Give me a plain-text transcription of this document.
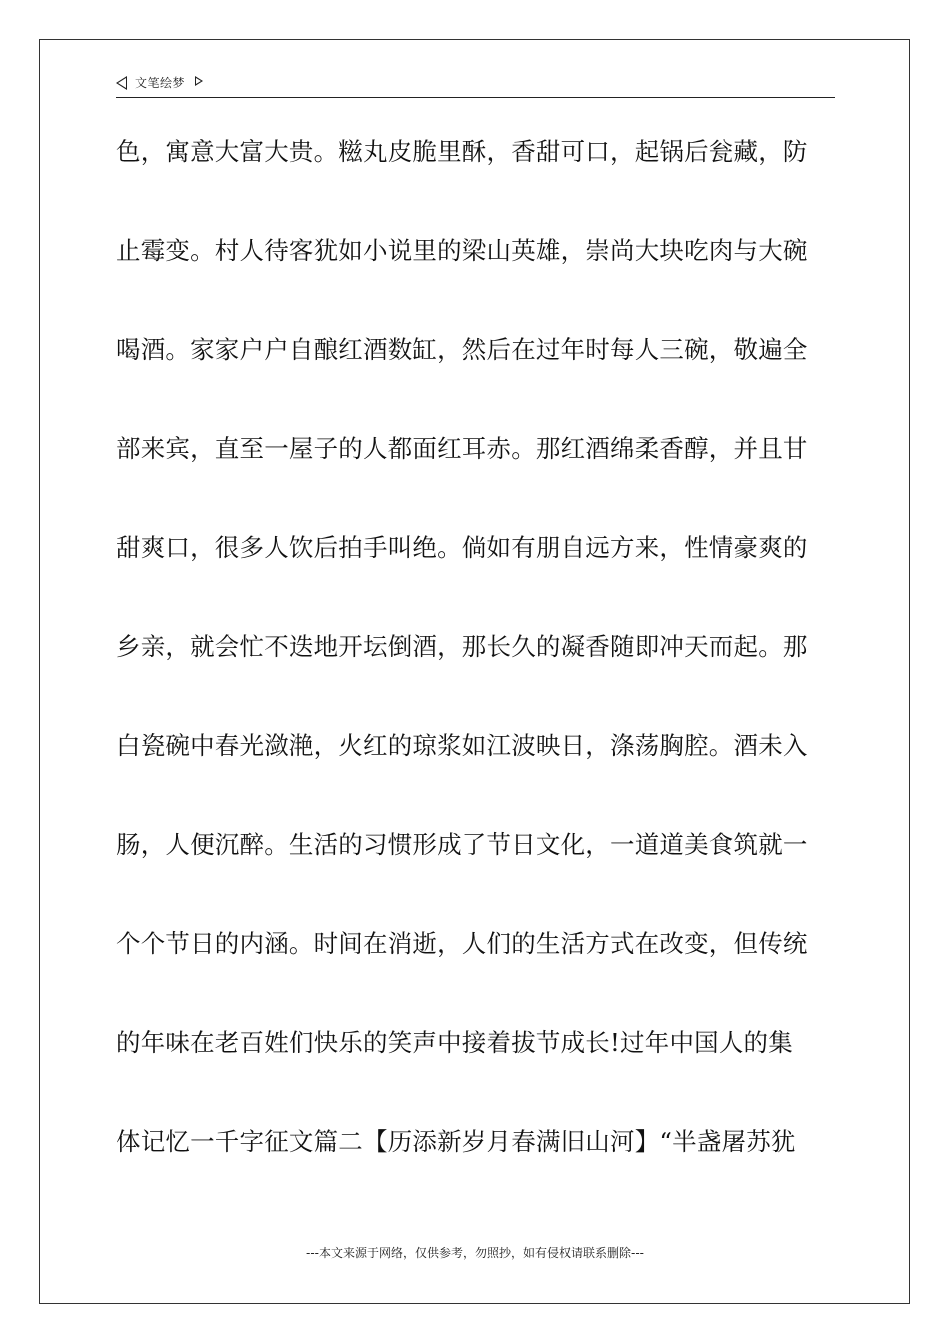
文笔绘梦
色，寓意大富大贵。糍丸皮脆里酥，香甜可口，起锅后瓮藏，防
止霉变。村人待客犹如小说里的梁山英雄，崇尚大块吃肉与大碗
喝酒。家家户户自酿红酒数缸，然后在过年时每人三碗，敬遍全
部来宾，直至一屋子的人都面红耳赤。那红酒绵柔香醇，并且甘
甜爽口，很多人饮后拍手叫绝。倘如有朋自远方来，性情豪爽的
乡亲，就会忙不迭地开坛倒酒，那长久的凝香随即冲天而起。那
白瓷碗中春光潋滟，火红的琼浆如江波映日，涤荡胸腔。酒未入
肠，人便沉醉。生活的习惯形成了节日文化，一道道美食筑就一
个个节日的内涵。时间在消逝，人们的生活方式在改变，但传统
的年味在老百姓们快乐的笑声中接着拔节成长!过年中国人的集
体记忆一千字征文篇二【历添新岁月春满旧山河】“半盏屠苏犹
---本文来源于网络，仅供参考，勿照抄，如有侵权请联系删除---
